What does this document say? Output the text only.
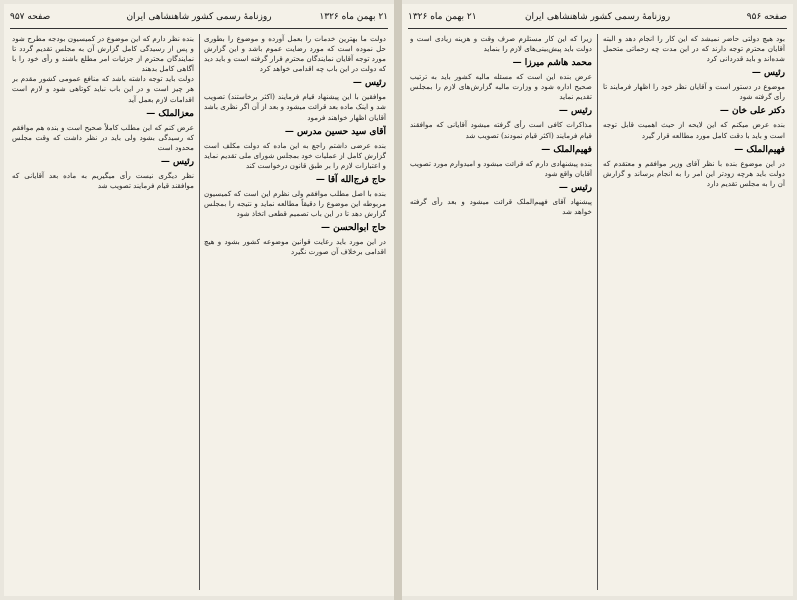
۲۱ بهمن ماه ۱۳۲۶
روزنامهٔ رسمی کشور شاهنشاهی ایران
صفحه ۹۵۷
دولت ما بهترین خدمات را بعمل آورده و موضوع را بطوری حل نموده است که مورد رضایت عموم باشد و این گزارش مورد توجه آقایان نمایندگان محترم قرار گرفته است و باید دید که دولت در این باب چه اقدامی خواهد کرد
رئیس —
موافقین با این پیشنهاد قیام فرمایند (اکثر برخاستند) تصویب شد و اینک ماده بعد قرائت میشود و بعد از آن اگر نظری باشد آقایان اظهار خواهند فرمود
آقای سید حسین مدرس —
بنده عرضی داشتم راجع به این ماده که دولت مکلف است گزارش کامل از عملیات خود بمجلس شورای ملی تقدیم نماید و اعتبارات لازم را بر طبق قانون درخواست کند
حاج فرج‌الله آقا —
بنده با اصل مطلب موافقم ولی نظرم این است که کمیسیون مربوطه این موضوع را دقیقاً مطالعه نماید و نتیجه را بمجلس گزارش دهد تا در این باب تصمیم قطعی اتخاذ شود
حاج ابوالحسن —
در این مورد باید رعایت قوانین موضوعه کشور بشود و هیچ اقدامی برخلاف آن صورت نگیرد
بنده نظر دارم که این موضوع در کمیسیون بودجه مطرح شود و پس از رسیدگی کامل گزارش آن به مجلس تقدیم گردد تا نمایندگان محترم از جزئیات امر مطلع باشند و رأی خود را با آگاهی کامل بدهند
دولت باید توجه داشته باشد که منافع عمومی کشور مقدم بر هر چیز است و در این باب نباید کوتاهی شود و لازم است اقدامات لازم بعمل آید
معزالملک —
عرض کنم که این مطلب کاملاً صحیح است و بنده هم موافقم که رسیدگی بشود ولی باید در نظر داشت که وقت مجلس محدود است
رئیس —
نظر دیگری نیست رأی میگیریم به ماده بعد آقایانی که موافقند قیام فرمایند تصویب شد
صفحه ۹۵۶
روزنامهٔ رسمی کشور شاهنشاهی ایران
۲۱ بهمن ماه ۱۳۲۶
بود هیچ دولتی حاضر نمیشد که این کار را انجام دهد و البته آقایان محترم توجه دارند که در این مدت چه زحماتی متحمل شده‌اند و باید قدردانی کرد
رئیس —
موضوع در دستور است و آقایان نظر خود را اظهار فرمایند تا رأی گرفته شود
دکتر علی خان —
بنده عرض میکنم که این لایحه از حیث اهمیت قابل توجه است و باید با دقت کامل مورد مطالعه قرار گیرد
فهیم‌الملک —
در این موضوع بنده با نظر آقای وزیر موافقم و معتقدم که دولت باید هرچه زودتر این امر را به انجام برساند و گزارش آن را به مجلس تقدیم دارد
زیرا که این کار مستلزم صرف وقت و هزینه زیادی است و دولت باید پیش‌بینی‌های لازم را بنماید
محمد هاشم میرزا —
عرض بنده این است که مسئله مالیه کشور باید به ترتیب صحیح اداره شود و وزارت مالیه گزارش‌های لازم را بمجلس تقدیم نماید
رئیس —
مذاکرات کافی است رأی گرفته میشود آقایانی که موافقند قیام فرمایند (اکثر قیام نمودند) تصویب شد
فهیم‌الملک —
بنده پیشنهادی دارم که قرائت میشود و امیدوارم مورد تصویب آقایان واقع شود
رئیس —
پیشنهاد آقای فهیم‌الملک قرائت میشود و بعد رأی گرفته خواهد شد
